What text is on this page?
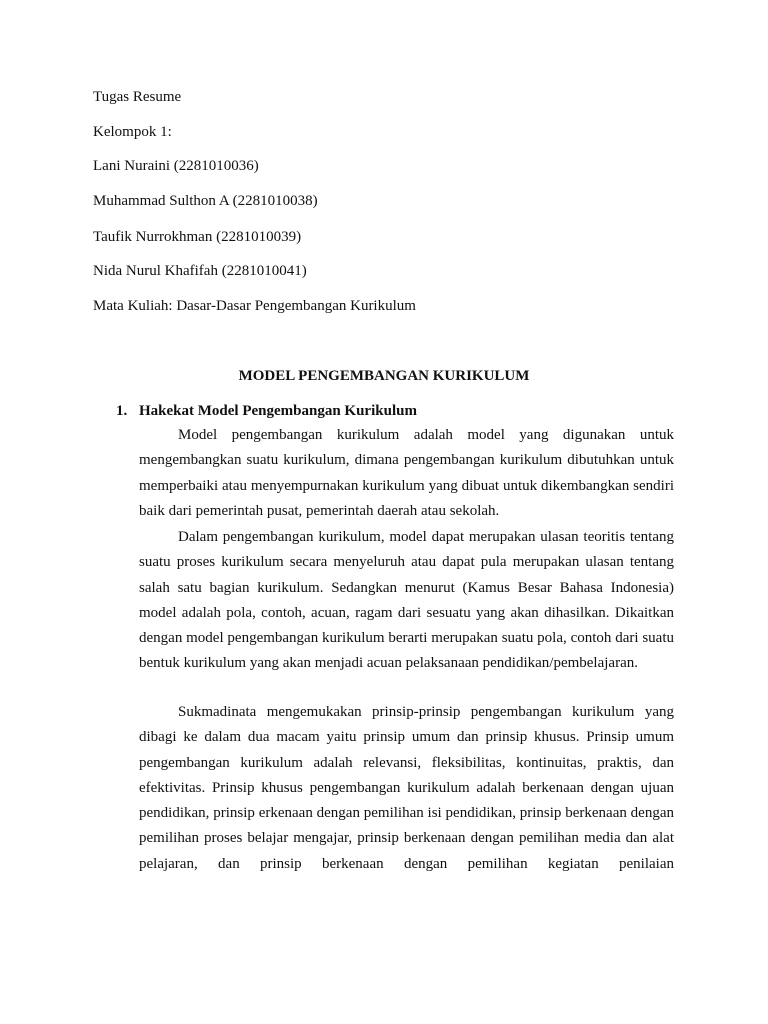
Tugas Resume
Kelompok 1:
Lani Nuraini (2281010036)
Muhammad Sulthon A (2281010038)
Taufik Nurrokhman (2281010039)
Nida Nurul Khafifah (2281010041)
Mata Kuliah: Dasar-Dasar Pengembangan Kurikulum
MODEL PENGEMBANGAN KURIKULUM
1. Hakekat Model Pengembangan Kurikulum

Model pengembangan kurikulum adalah model yang digunakan untuk mengembangkan suatu kurikulum, dimana pengembangan kurikulum dibutuhkan untuk memperbaiki atau menyempurnakan kurikulum yang dibuat untuk dikembangkan sendiri baik dari pemerintah pusat, pemerintah daerah atau sekolah.

Dalam pengembangan kurikulum, model dapat merupakan ulasan teoritis tentang suatu proses kurikulum secara menyeluruh atau dapat pula merupakan ulasan tentang salah satu bagian kurikulum. Sedangkan menurut (Kamus Besar Bahasa Indonesia) model adalah pola, contoh, acuan, ragam dari sesuatu yang akan dihasilkan. Dikaitkan dengan model pengembangan kurikulum berarti merupakan suatu pola, contoh dari suatu bentuk kurikulum yang akan menjadi acuan pelaksanaan pendidikan/pembelajaran.

Sukmadinata mengemukakan prinsip-prinsip pengembangan kurikulum yang dibagi ke dalam dua macam yaitu prinsip umum dan prinsip khusus. Prinsip umum pengembangan kurikulum adalah relevansi, fleksibilitas, kontinuitas, praktis, dan efektivitas. Prinsip khusus pengembangan kurikulum adalah berkenaan dengan ujuan pendidikan, prinsip erkenaan dengan pemilihan isi pendidikan, prinsip berkenaan dengan pemilihan proses belajar mengajar, prinsip berkenaan dengan pemilihan media dan alat pelajaran, dan prinsip berkenaan dengan pemilihan kegiatan penilaian
